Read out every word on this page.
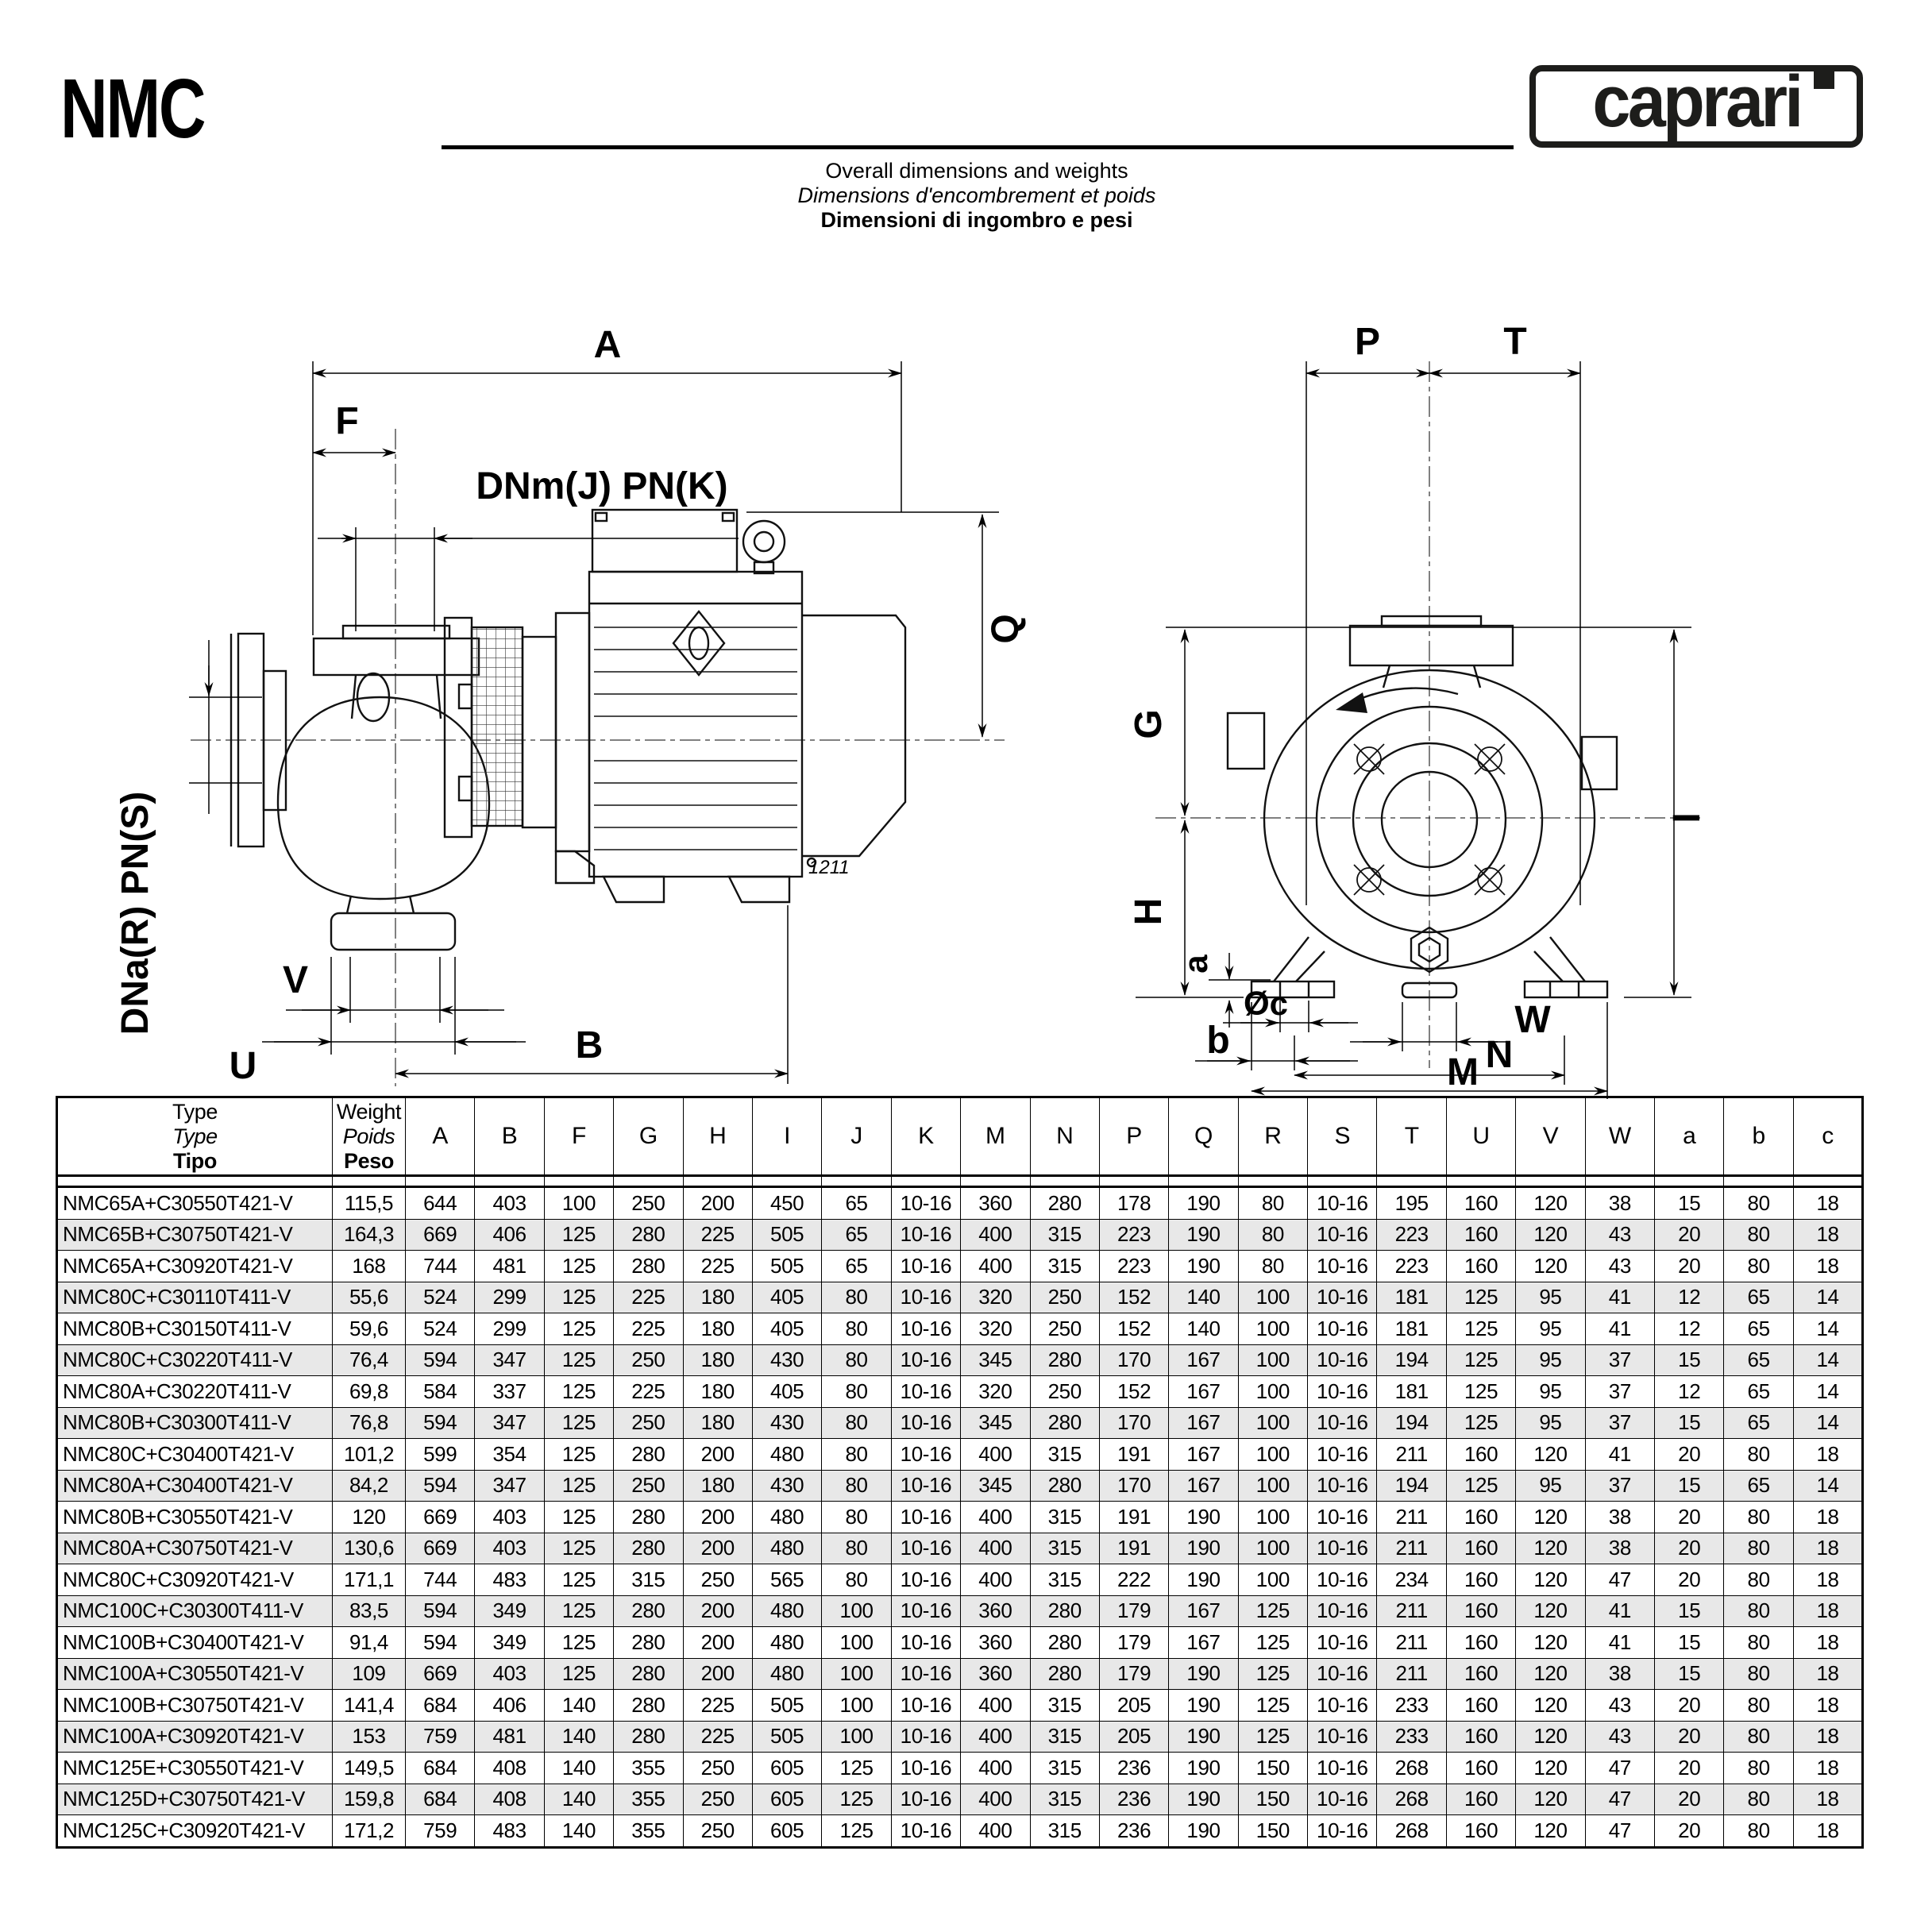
NMC
Overall dimensions and weights
Dimensions d'encombrement et poids
Dimensioni di ingombro e pesi
caprari
A
F
DNm(J) PN(K)
DNa(R) PN(S)
Q
V
U	B
1211
P	T
G
H
a
I
Øc	W
b	N
M
Type
Type
Tipo

Weight
Poids
Peso
	A	B	F	G	H	I	J	K	M	N	P	Q	R	S	T	U	V	W	a	b	c

NMC65A+C30550T421-V	115,5	644	403	100	250	200	450	65	10-16	360	280	178	190	80	10-16	195	160	120	38	15	80	18
NMC65B+C30750T421-V	164,3	669	406	125	280	225	505	65	10-16	400	315	223	190	80	10-16	223	160	120	43	20	80	18
NMC65A+C30920T421-V	168	744	481	125	280	225	505	65	10-16	400	315	223	190	80	10-16	223	160	120	43	20	80	18
NMC80C+C30110T411-V	55,6	524	299	125	225	180	405	80	10-16	320	250	152	140	100	10-16	181	125	95	41	12	65	14
NMC80B+C30150T411-V	59,6	524	299	125	225	180	405	80	10-16	320	250	152	140	100	10-16	181	125	95	41	12	65	14
NMC80C+C30220T411-V	76,4	594	347	125	250	180	430	80	10-16	345	280	170	167	100	10-16	194	125	95	37	15	65	14
NMC80A+C30220T411-V	69,8	584	337	125	225	180	405	80	10-16	320	250	152	167	100	10-16	181	125	95	37	12	65	14
NMC80B+C30300T411-V	76,8	594	347	125	250	180	430	80	10-16	345	280	170	167	100	10-16	194	125	95	37	15	65	14
NMC80C+C30400T421-V	101,2	599	354	125	280	200	480	80	10-16	400	315	191	167	100	10-16	211	160	120	41	20	80	18
NMC80A+C30400T421-V	84,2	594	347	125	250	180	430	80	10-16	345	280	170	167	100	10-16	194	125	95	37	15	65	14
NMC80B+C30550T421-V	120	669	403	125	280	200	480	80	10-16	400	315	191	190	100	10-16	211	160	120	38	20	80	18
NMC80A+C30750T421-V	130,6	669	403	125	280	200	480	80	10-16	400	315	191	190	100	10-16	211	160	120	38	20	80	18
NMC80C+C30920T421-V	171,1	744	483	125	315	250	565	80	10-16	400	315	222	190	100	10-16	234	160	120	47	20	80	18
NMC100C+C30300T411-V	83,5	594	349	125	280	200	480	100	10-16	360	280	179	167	125	10-16	211	160	120	41	15	80	18
NMC100B+C30400T421-V	91,4	594	349	125	280	200	480	100	10-16	360	280	179	167	125	10-16	211	160	120	41	15	80	18
NMC100A+C30550T421-V	109	669	403	125	280	200	480	100	10-16	360	280	179	190	125	10-16	211	160	120	38	15	80	18
NMC100B+C30750T421-V	141,4	684	406	140	280	225	505	100	10-16	400	315	205	190	125	10-16	233	160	120	43	20	80	18
NMC100A+C30920T421-V	153	759	481	140	280	225	505	100	10-16	400	315	205	190	125	10-16	233	160	120	43	20	80	18
NMC125E+C30550T421-V	149,5	684	408	140	355	250	605	125	10-16	400	315	236	190	150	10-16	268	160	120	47	20	80	18
NMC125D+C30750T421-V	159,8	684	408	140	355	250	605	125	10-16	400	315	236	190	150	10-16	268	160	120	47	20	80	18
NMC125C+C30920T421-V	171,2	759	483	140	355	250	605	125	10-16	400	315	236	190	150	10-16	268	160	120	47	20	80	18
